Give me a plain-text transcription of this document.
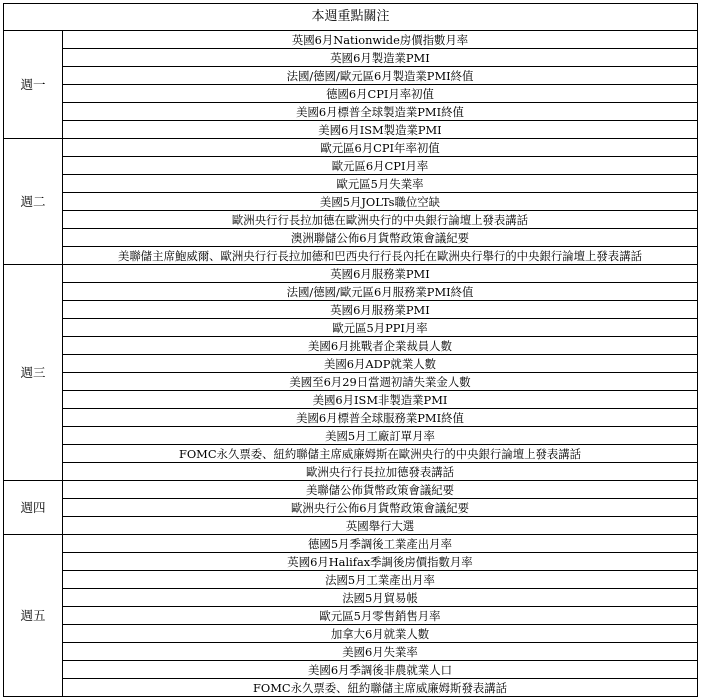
本週重點關注	
週一	英國6月Nationwide房價指數月率
	英國6月製造業PMI
	法國/德國/歐元區6月製造業PMI終值
	德國6月CPI月率初值
	美國6月標普全球製造業PMI終值
	美國6月ISM製造業PMI
週二	歐元區6月CPI年率初值
	歐元區6月CPI月率
	歐元區5月失業率
	美國5月JOLTs職位空缺
	歐洲央行行長拉加德在歐洲央行的中央銀行論壇上發表講話
	澳洲聯儲公佈6月貨幣政策會議紀要
	美聯儲主席鮑威爾、歐洲央行行長拉加德和巴西央行行長內托在歐洲央行舉行的中央銀行論壇上發表講話
週三	英國6月服務業PMI
	法國/德國/歐元區6月服務業PMI終值
	英國6月服務業PMI
	歐元區5月PPI月率
	美國6月挑戰者企業裁員人數
	美國6月ADP就業人數
	美國至6月29日當週初請失業金人數
	美國6月ISM非製造業PMI
	美國6月標普全球服務業PMI終值
	美國5月工廠訂單月率
	FOMC永久票委、紐約聯儲主席威廉姆斯在歐洲央行的中央銀行論壇上發表講話
	歐洲央行行長拉加德發表講話
週四	美聯儲公佈貨幣政策會議紀要
	歐洲央行公佈6月貨幣政策會議紀要
	英國舉行大選
週五	德國5月季調後工業產出月率
	英國6月Halifax季調後房價指數月率
	法國5月工業產出月率
	法國5月貿易帳
	歐元區5月零售銷售月率
	加拿大6月就業人數
	美國6月失業率
	美國6月季調後非農就業人口
	FOMC永久票委、紐約聯儲主席威廉姆斯發表講話
